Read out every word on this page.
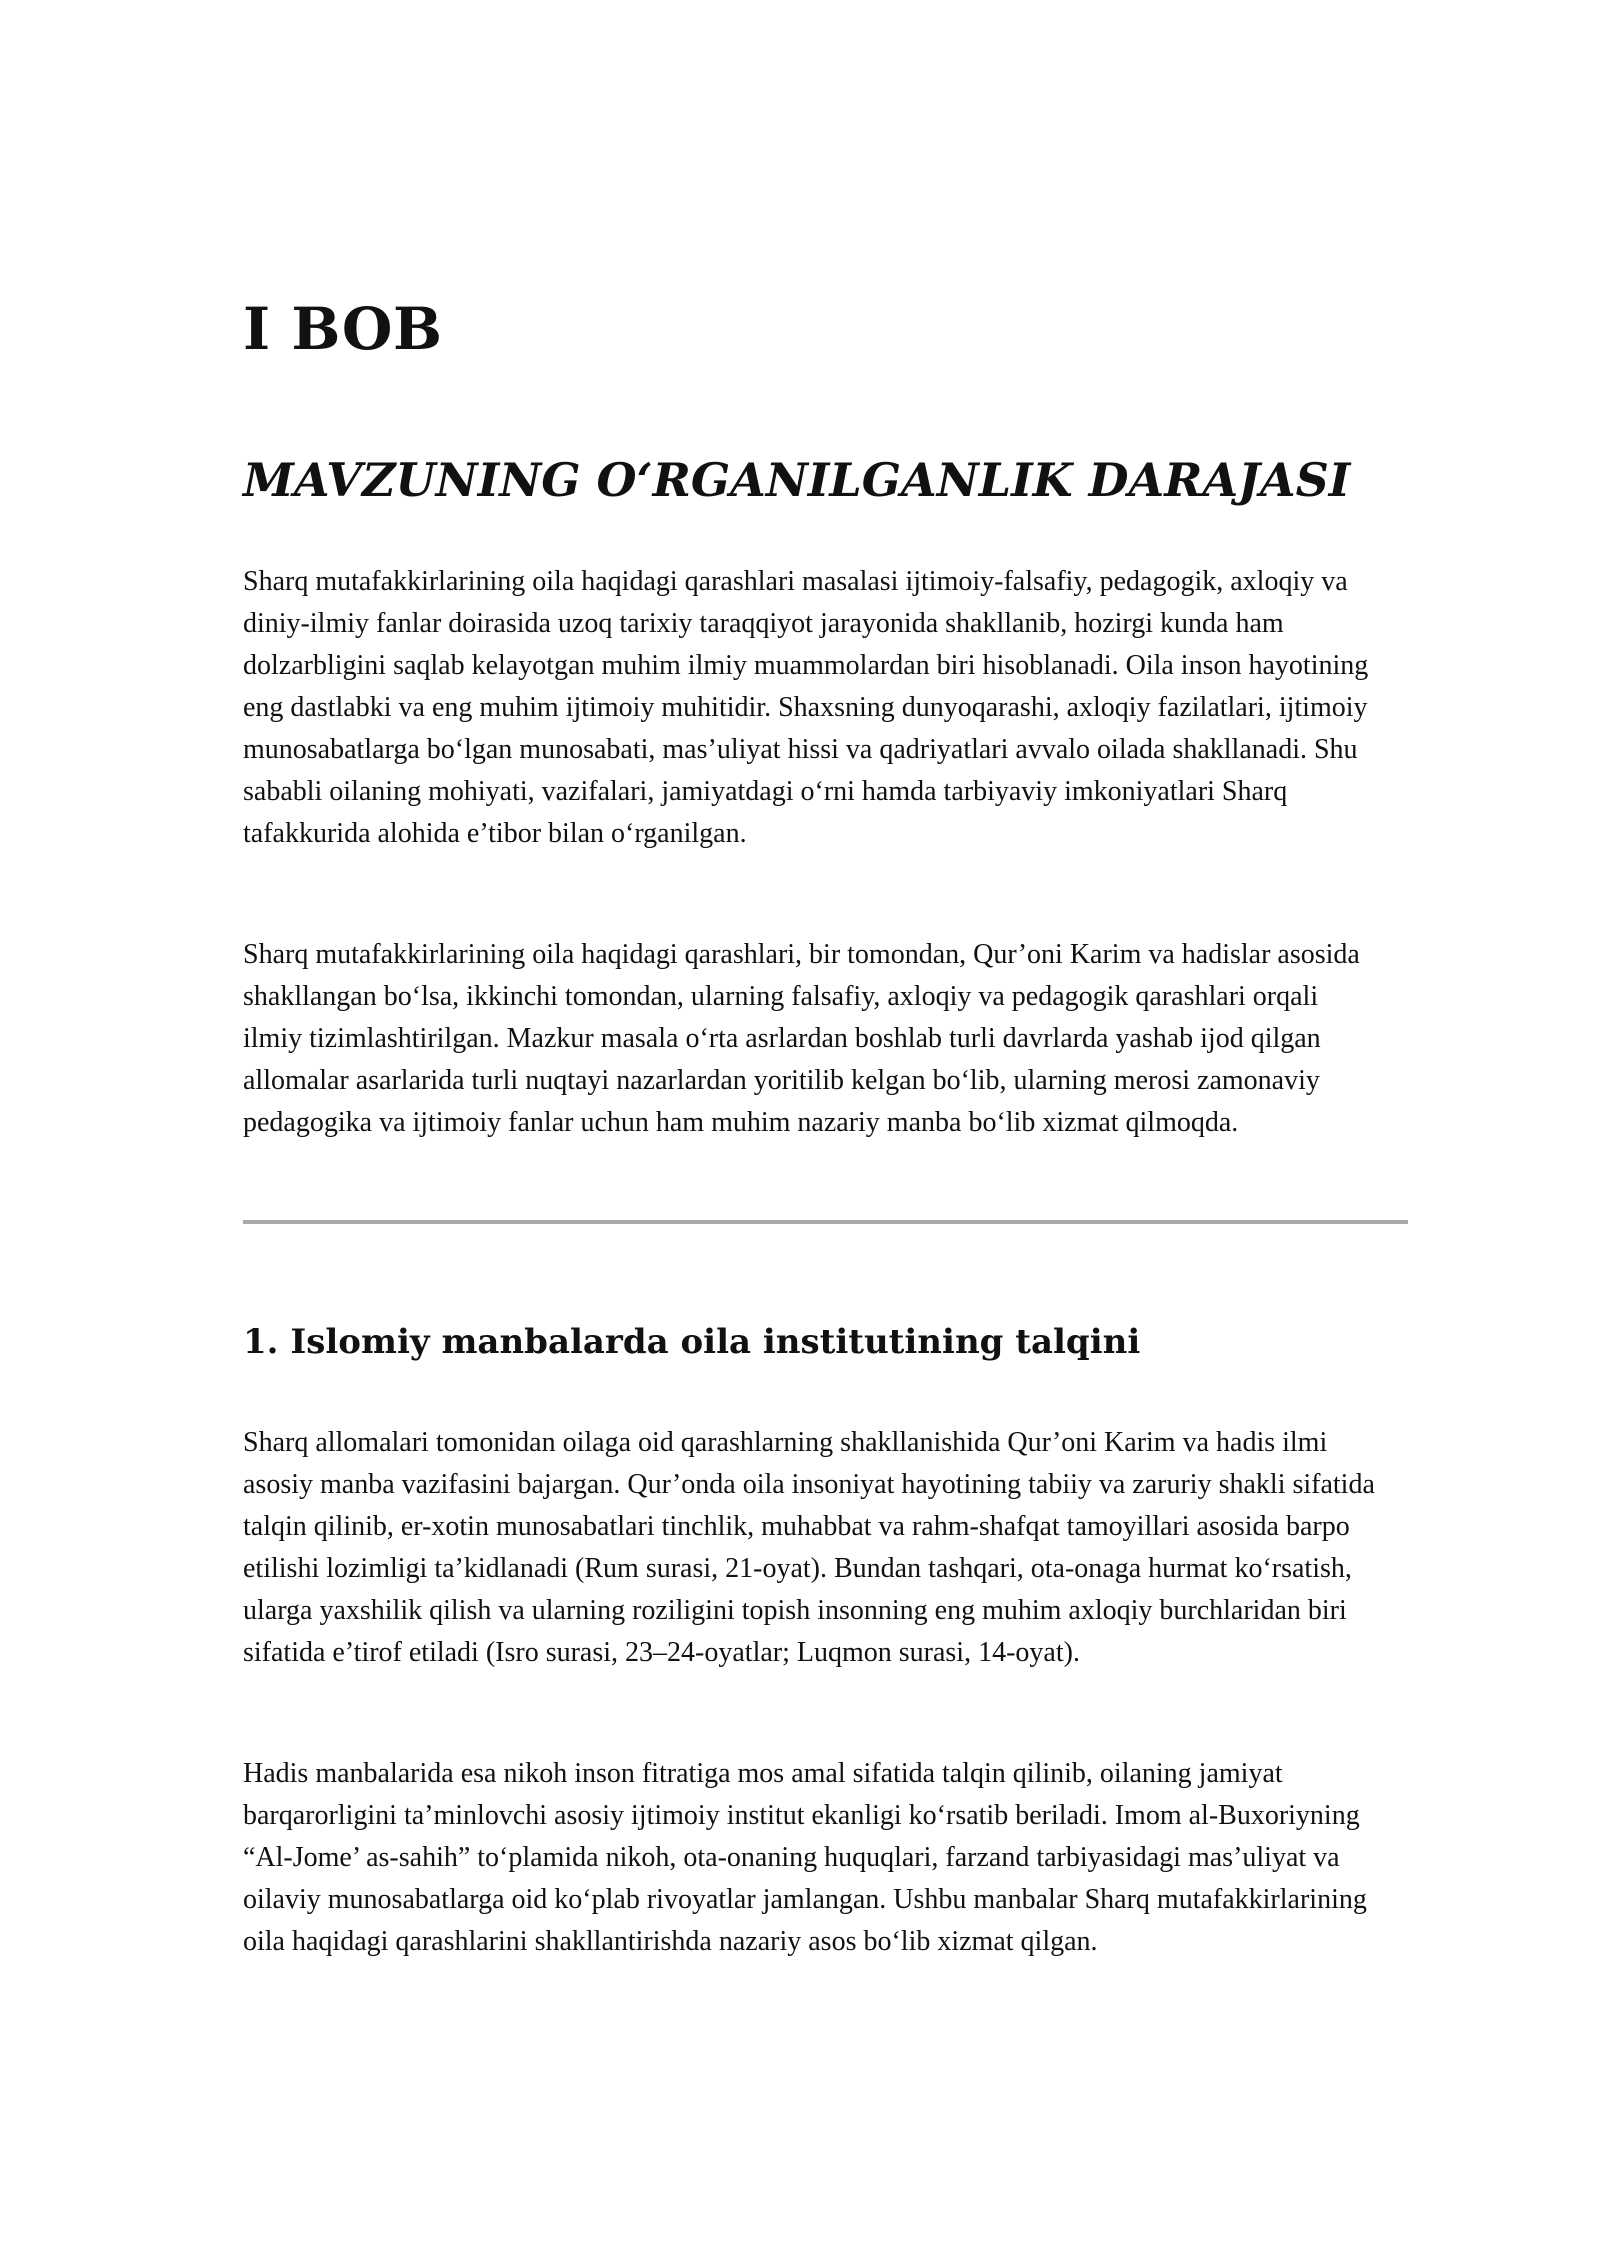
I BOB
MAVZUNING O‘RGANILGANLIK DARAJASI

Sharq mutafakkirlarining oila haqidagi qarashlari masalasi ijtimoiy-falsafiy, pedagogik, axloqiy va diniy-ilmiy fanlar doirasida uzoq tarixiy taraqqiyot jarayonida shakllanib, hozirgi kunda ham dolzarbligini saqlab kelayotgan muhim ilmiy muammolardan biri hisoblanadi. Oila inson hayotining eng dastlabki va eng muhim ijtimoiy muhitidir. Shaxsning dunyoqarashi, axloqiy fazilatlari, ijtimoiy munosabatlarga bo‘lgan munosabati, mas’uliyat hissi va qadriyatlari avvalo oilada shakllanadi. Shu sababli oilaning mohiyati, vazifalari, jamiyatdagi o‘rni hamda tarbiyaviy imkoniyatlari Sharq tafakkurida alohida e’tibor bilan o‘rganilgan.

Sharq mutafakkirlarining oila haqidagi qarashlari, bir tomondan, Qur’oni Karim va hadislar asosida shakllangan bo‘lsa, ikkinchi tomondan, ularning falsafiy, axloqiy va pedagogik qarashlari orqali ilmiy tizimlashtirilgan. Mazkur masala o‘rta asrlardan boshlab turli davrlarda yashab ijod qilgan allomalar asarlarida turli nuqtayi nazarlardan yoritilib kelgan bo‘lib, ularning merosi zamonaviy pedagogika va ijtimoiy fanlar uchun ham muhim nazariy manba bo‘lib xizmat qilmoqda.

1. Islomiy manbalarda oila institutining talqini

Sharq allomalari tomonidan oilaga oid qarashlarning shakllanishida Qur’oni Karim va hadis ilmi asosiy manba vazifasini bajargan. Qur’onda oila insoniyat hayotining tabiiy va zaruriy shakli sifatida talqin qilinib, er-xotin munosabatlari tinchlik, muhabbat va rahm-shafqat tamoyillari asosida barpo etilishi lozimligi ta’kidlanadi (Rum surasi, 21-oyat). Bundan tashqari, ota-onaga hurmat ko‘rsatish, ularga yaxshilik qilish va ularning roziligini topish insonning eng muhim axloqiy burchlaridan biri sifatida e’tirof etiladi (Isro surasi, 23–24-oyatlar; Luqmon surasi, 14-oyat).

Hadis manbalarida esa nikoh inson fitratiga mos amal sifatida talqin qilinib, oilaning jamiyat barqarorligini ta’minlovchi asosiy ijtimoiy institut ekanligi ko‘rsatib beriladi. Imom al-Buxoriyning “Al-Jome’ as-sahih” to‘plamida nikoh, ota-onaning huquqlari, farzand tarbiyasidagi mas’uliyat va oilaviy munosabatlarga oid ko‘plab rivoyatlar jamlangan. Ushbu manbalar Sharq mutafakkirlarining oila haqidagi qarashlarini shakllantirishda nazariy asos bo‘lib xizmat qilgan.
